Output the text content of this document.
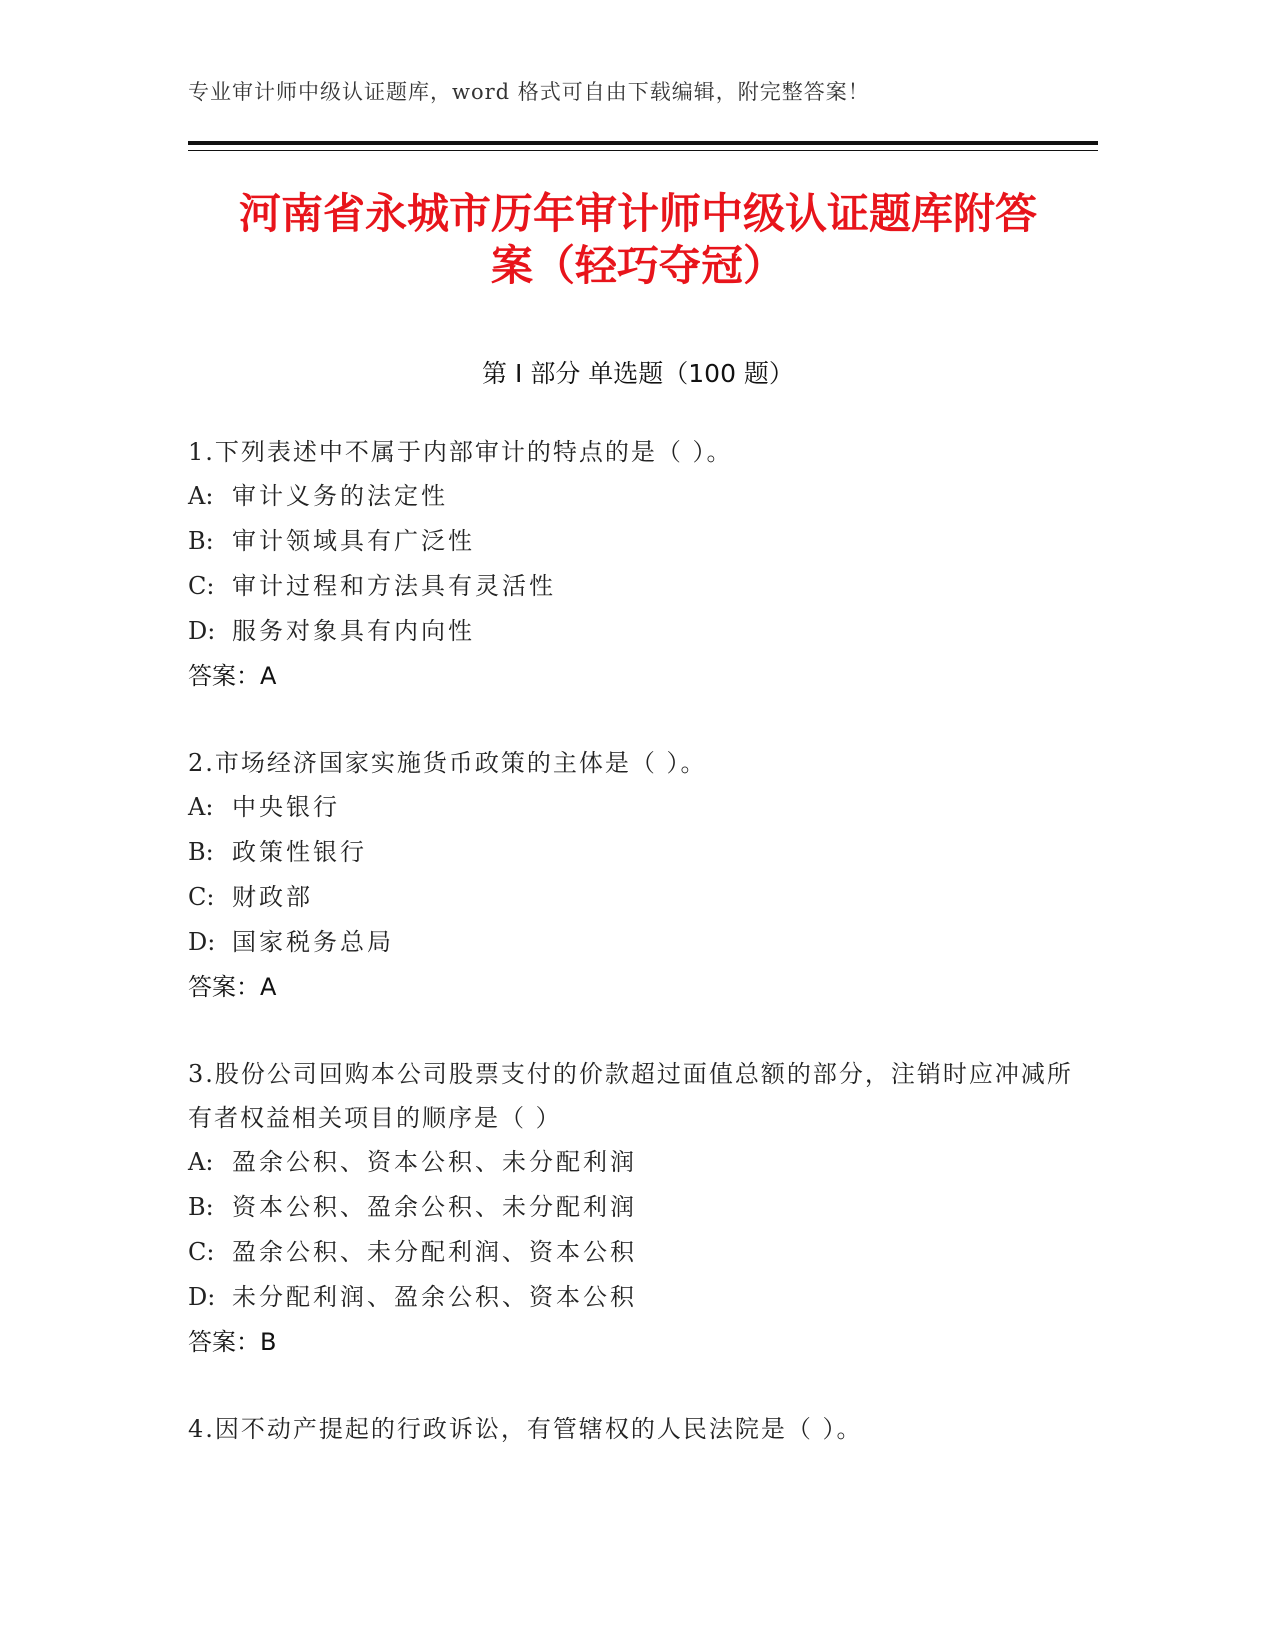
专业审计师中级认证题库，word 格式可自由下载编辑，附完整答案！
河南省永城市历年审计师中级认证题库附答
案（轻巧夺冠）
第 I 部分 单选题（100 题）
1.下列表述中不属于内部审计的特点的是（ ）。
A: 审计义务的法定性
B: 审计领域具有广泛性
C: 审计过程和方法具有灵活性
D: 服务对象具有内向性
答案：A
2.市场经济国家实施货币政策的主体是（ ）。
A: 中央银行
B: 政策性银行
C: 财政部
D: 国家税务总局
答案：A
3.股份公司回购本公司股票支付的价款超过面值总额的部分，注销时应冲减所有者权益相关项目的顺序是（ ）
A: 盈余公积、资本公积、未分配利润
B: 资本公积、盈余公积、未分配利润
C: 盈余公积、未分配利润、资本公积
D: 未分配利润、盈余公积、资本公积
答案：B
4.因不动产提起的行政诉讼，有管辖权的人民法院是（ ）。
